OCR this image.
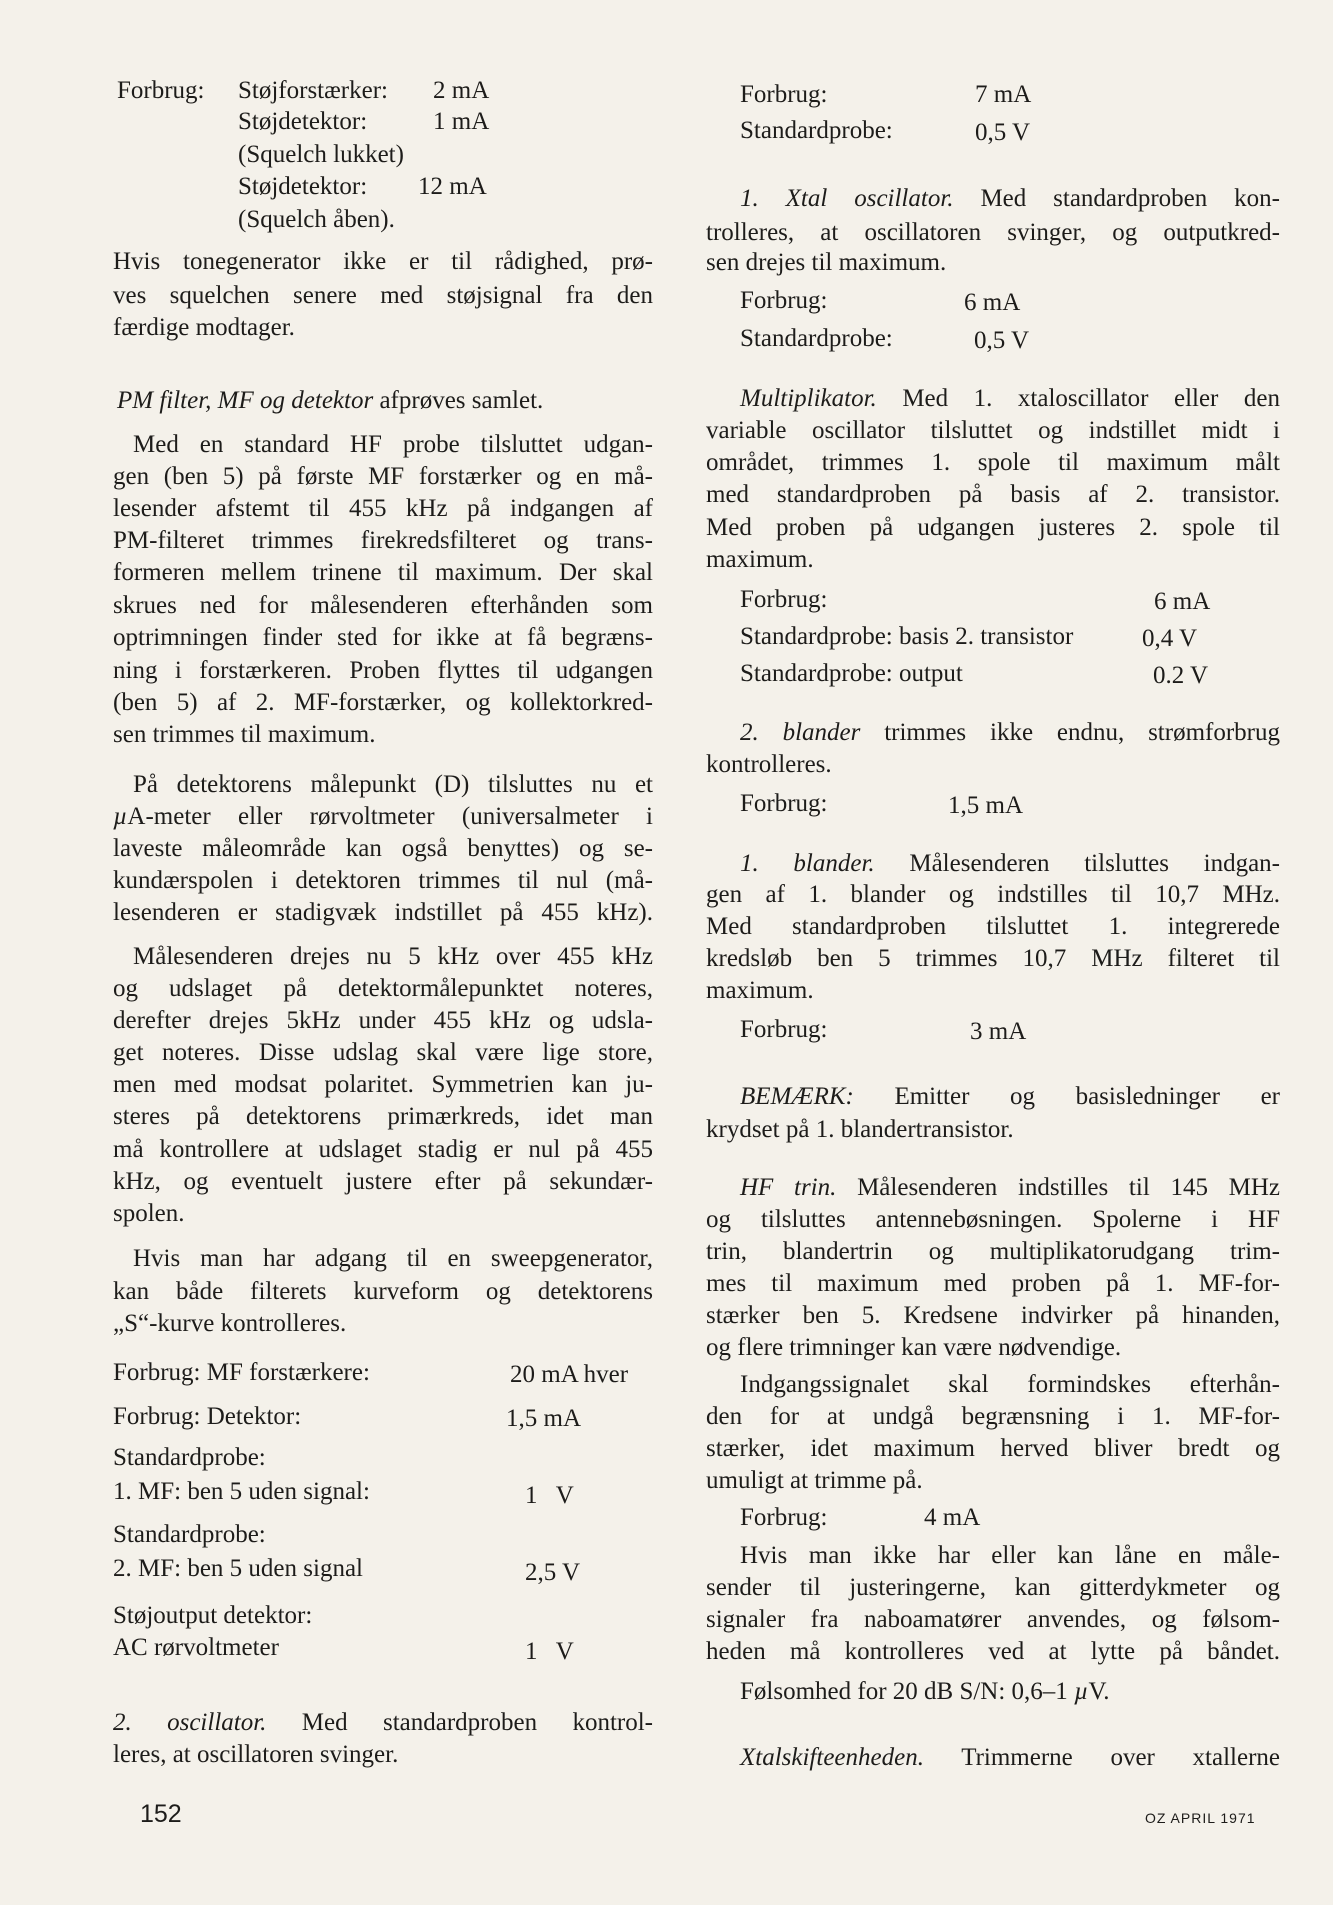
Forbrug: Støjforstærker: 2 mA
Støjdetektor:	1 mA
(Squelch lukket)
Støjdetektor: 12 mA
(Squelch åben).
Hvis tonegenerator ikke er til rådighed, prø-
ves squelchen senere med støjsignal fra den
færdige modtager.
PM filter, MF og detektor afprøves samlet.
Med en standard HF probe tilsluttet udgan-
gen (ben 5) på første MF forstærker og en må-
lesender afstemt til 455 kHz på indgangen af
PM-filteret trimmes firekredsfilteret og trans-
formeren mellem trinene til maximum. Der skal
skrues ned for målesenderen efterhånden som
optrimningen finder sted for ikke at få begræns-
ning i forstærkeren. Proben flyttes til udgangen
(ben 5) af 2. MF-forstærker, og kollektorkred-
sen trimmes til maximum.
På detektorens målepunkt (D) tilsluttes nu et
µA-meter eller rørvoltmeter (universalmeter i
laveste måleområde kan også benyttes) og se-
kundærspolen i detektoren trimmes til nul (må-
lesenderen er stadigvæk indstillet på 455 kHz).
Målesenderen drejes nu 5 kHz over 455 kHz
og udslaget på detektormålepunktet noteres,
derefter drejes 5kHz under 455 kHz og udsla-
get noteres. Disse udslag skal være lige store,
men med modsat polaritet. Symmetrien kan ju-
steres på detektorens primærkreds, idet man
må kontrollere at udslaget stadig er nul på 455
kHz, og eventuelt justere efter på sekundær-
spolen.
Hvis man har adgang til en sweepgenerator,
kan både filterets kurveform og detektorens
„S“-kurve kontrolleres.
Forbrug: MF forstærkere:	20 mA hver
Forbrug: Detektor:	1,5 mA
Standardprobe:
1. MF: ben 5 uden signal:	1   V
Standardprobe:
2. MF: ben 5 uden signal	2,5 V
Støjoutput detektor:
AC rørvoltmeter	1   V
2. oscillator. Med standardproben kontrol-
leres, at oscillatoren svinger.
Forbrug:	7 mA
Standardprobe:	0,5 V
1. Xtal oscillator. Med standardproben kon-
trolleres, at oscillatoren svinger, og outputkred-
sen drejes til maximum.
Forbrug:	6 mA
Standardprobe:	0,5 V
Multiplikator. Med 1. xtaloscillator eller den
variable oscillator tilsluttet og indstillet midt i
området, trimmes 1. spole til maximum målt
med standardproben på basis af 2. transistor.
Med proben på udgangen justeres 2. spole til
maximum.
Forbrug:	6 mA
Standardprobe: basis 2. transistor	0,4 V
Standardprobe: output	0.2 V
2. blander trimmes ikke endnu, strømforbrug
kontrolleres.
Forbrug:	1,5 mA
1. blander. Målesenderen tilsluttes indgan-
gen af 1. blander og indstilles til 10,7 MHz.
Med standardproben tilsluttet 1. integrerede
kredsløb ben 5 trimmes 10,7 MHz filteret til
maximum.
Forbrug:	3 mA
BEMÆRK: Emitter og basisledninger er
krydset på 1. blandertransistor.
HF trin. Målesenderen indstilles til 145 MHz
og tilsluttes antennebøsningen. Spolerne i HF
trin, blandertrin og multiplikatorudgang trim-
mes til maximum med proben på 1. MF-for-
stærker ben 5. Kredsene indvirker på hinanden,
og flere trimninger kan være nødvendige.
Indgangssignalet skal formindskes efterhån-
den for at undgå begrænsning i 1. MF-for-
stærker, idet maximum herved bliver bredt og
umuligt at trimme på.
Forbrug:	4 mA
Hvis man ikke har eller kan låne en måle-
sender til justeringerne, kan gitterdykmeter og
signaler fra naboamatører anvendes, og følsom-
heden må kontrolleres ved at lytte på båndet.
Følsomhed for 20 dB S/N: 0,6–1 µV.
Xtalskifteenheden. Trimmerne over xtallerne
152	OZ APRIL 1971
